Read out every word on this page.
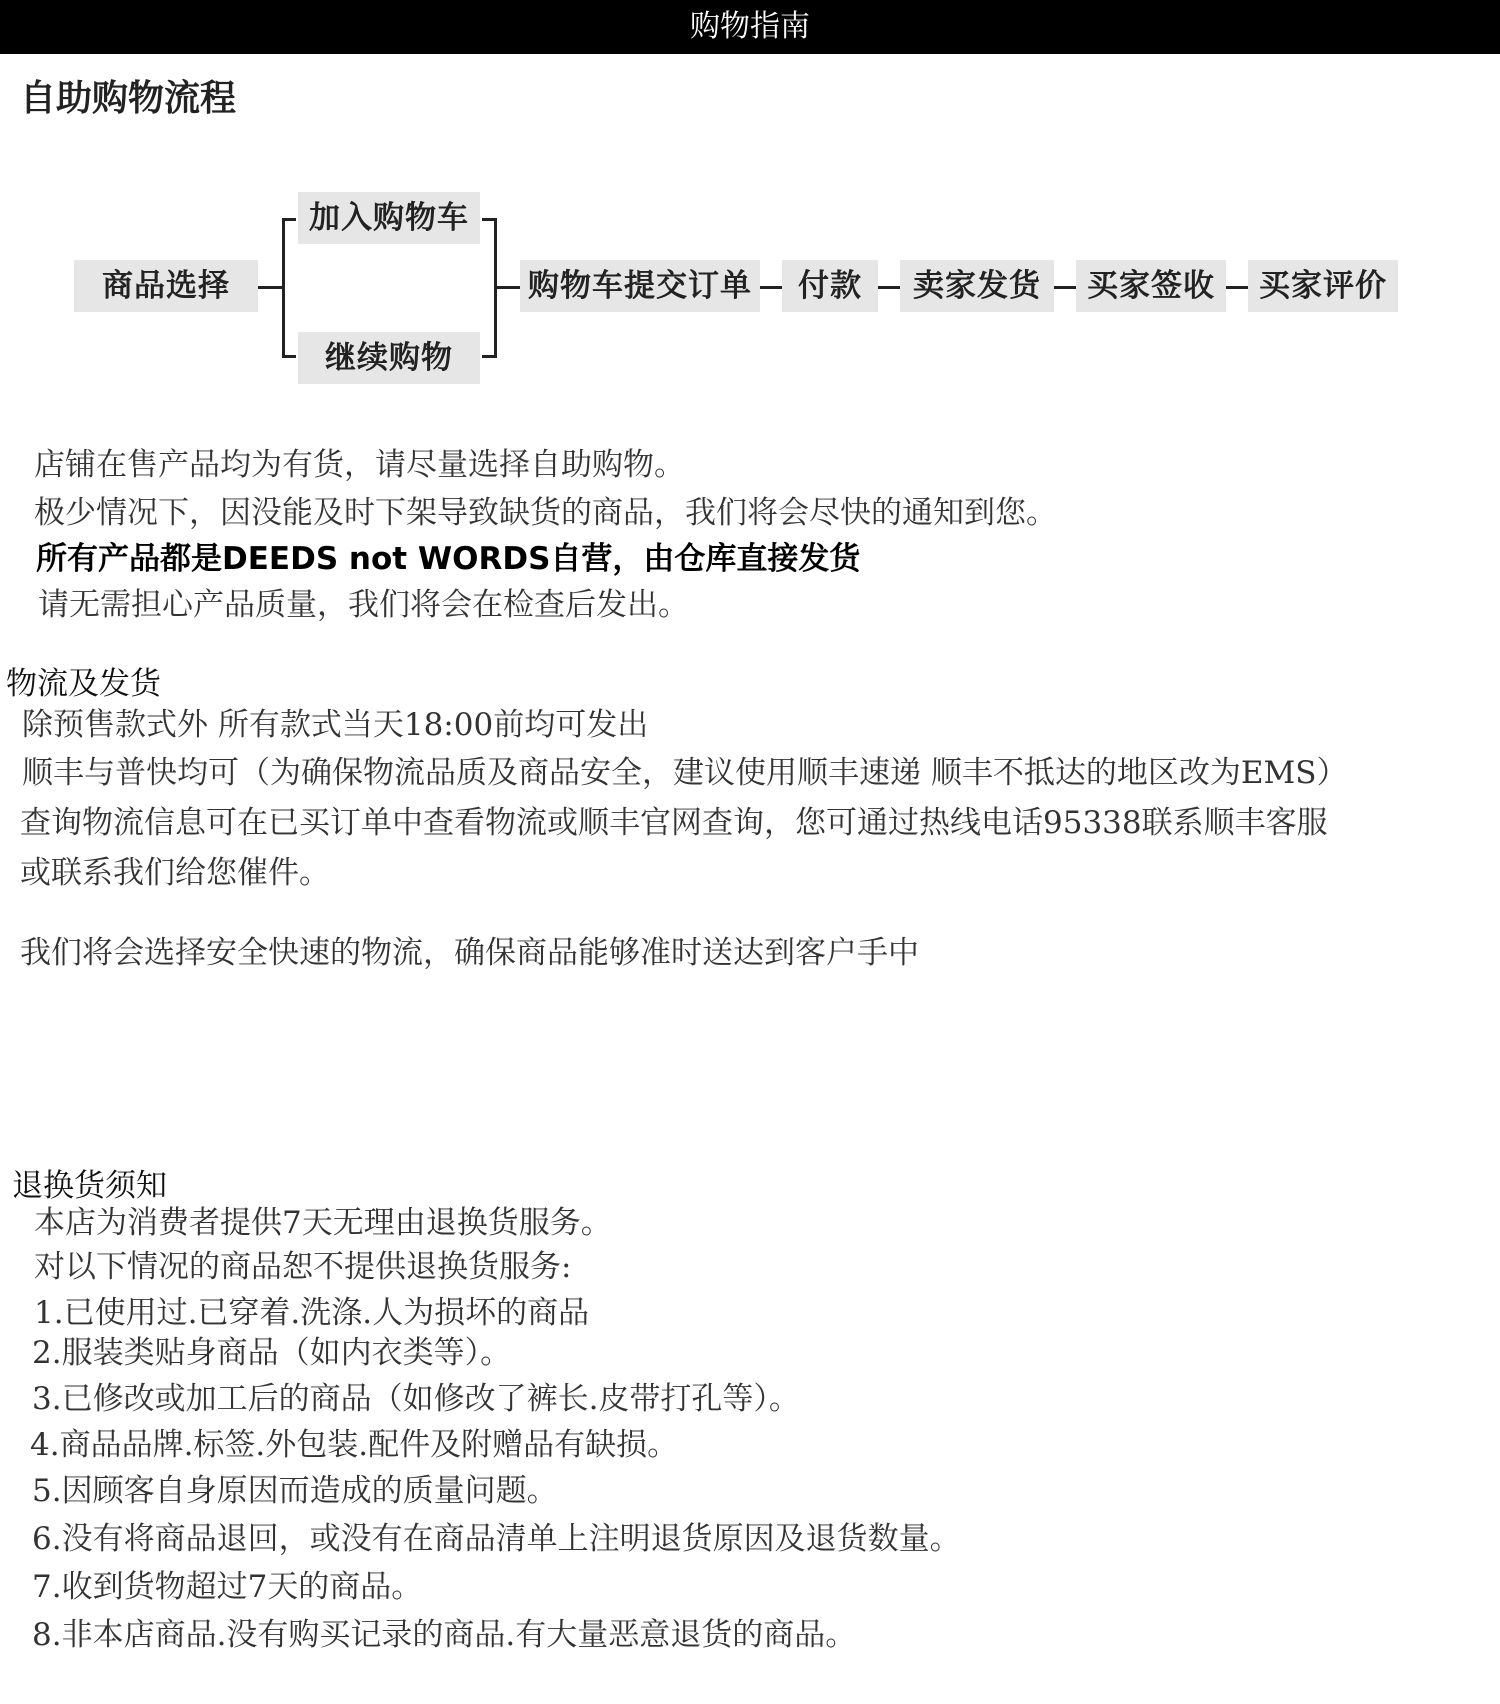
购物指南
自助购物流程
商品选择
加入购物车
继续购物
购物车提交订单	付款	卖家发货	买家签收	买家评价
店铺在售产品均为有货，请尽量选择自助购物。
极少情况下，因没能及时下架导致缺货的商品，我们将会尽快的通知到您。
所有产品都是DEEDS not WORDS自营，由仓库直接发货
请无需担心产品质量，我们将会在检查后发出。
物流及发货
除预售款式外 所有款式当天18:00前均可发出
顺丰与普快均可（为确保物流品质及商品安全，建议使用顺丰速递 顺丰不抵达的地区改为EMS）
查询物流信息可在已买订单中查看物流或顺丰官网查询，您可通过热线电话95338联系顺丰客服
或联系我们给您催件。
我们将会选择安全快速的物流，确保商品能够准时送达到客户手中
退换货须知
本店为消费者提供7天无理由退换货服务。
对以下情况的商品恕不提供退换货服务:
1.已使用过.已穿着.洗涤.人为损坏的商品
2.服装类贴身商品（如内衣类等）。
3.已修改或加工后的商品（如修改了裤长.皮带打孔等）。
4.商品品牌.标签.外包装.配件及附赠品有缺损。
5.因顾客自身原因而造成的质量问题。
6.没有将商品退回，或没有在商品清单上注明退货原因及退货数量。
7.收到货物超过7天的商品。
8.非本店商品.没有购买记录的商品.有大量恶意退货的商品。
